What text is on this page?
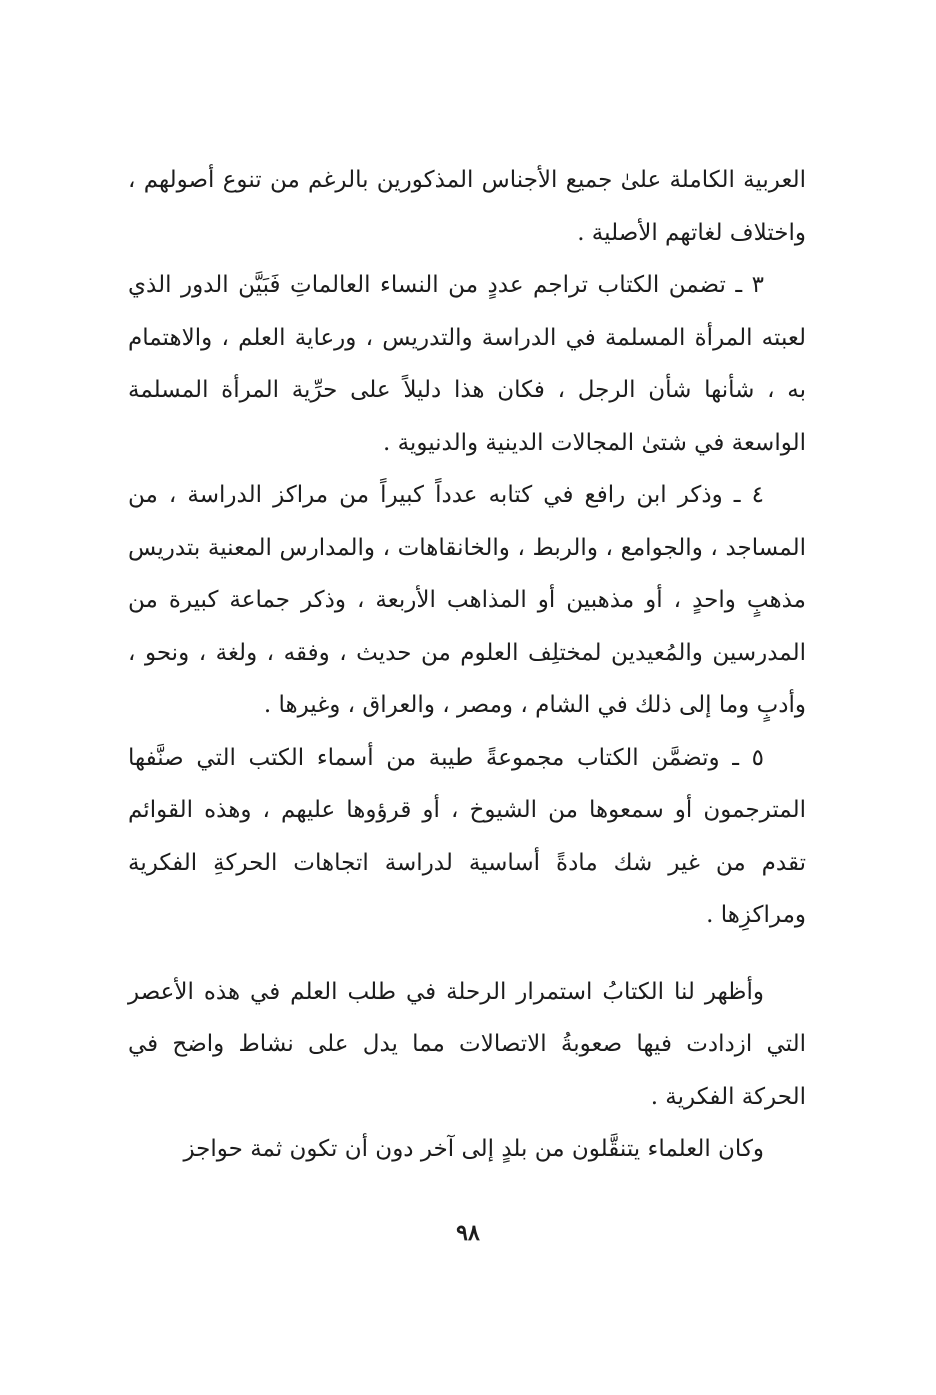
العربية الكاملة علىٰ جميع الأجناس المذكورين بالرغم من تنوع أصولهم ، واختلاف لغاتهم الأصلية .

٣ ـ تضمن الكتاب تراجم عددٍ من النساء العالماتِ فَبَيَّن الدور الذي لعبته المرأة المسلمة في الدراسة والتدريس ، ورعاية العلم ، والاهتمام به ، شأنها شأن الرجل ، فكان هذا دليلاً على حرِّية المرأة المسلمة الواسعة في شتىٰ المجالات الدينية والدنيوية .

٤ ـ وذكر ابن رافع في كتابه عدداً كبيراً من مراكز الدراسة ، من المساجد ، والجوامع ، والربط ، والخانقاهات ، والمدارس المعنية بتدريس مذهبٍ واحدٍ ، أو مذهبين أو المذاهب الأربعة ، وذكر جماعة كبيرة من المدرسين والمُعيدين لمختلِف العلوم من حديث ، وفقه ، ولغة ، ونحو ، وأدبٍ وما إلى ذلك في الشام ، ومصر ، والعراق ، وغيرها .

٥ ـ وتضمَّن الكتاب مجموعةً طيبة من أسماء الكتب التي صنَّفها المترجمون أو سمعوها من الشيوخ ، أو قرؤوها عليهم ، وهذه القوائم تقدم من غير شك مادةً أساسية لدراسة اتجاهات الحركةِ الفكرية ومراكزِها .

وأظهر لنا الكتابُ استمرار الرحلة في طلب العلم في هذه الأعصر التي ازدادت فيها صعوبةُ الاتصالات مما يدل على نشاط واضح في الحركة الفكرية .

وكان العلماء يتنقَّلون من بلدٍ إلى آخر دون أن تكون ثمة حواجز

٩٨
